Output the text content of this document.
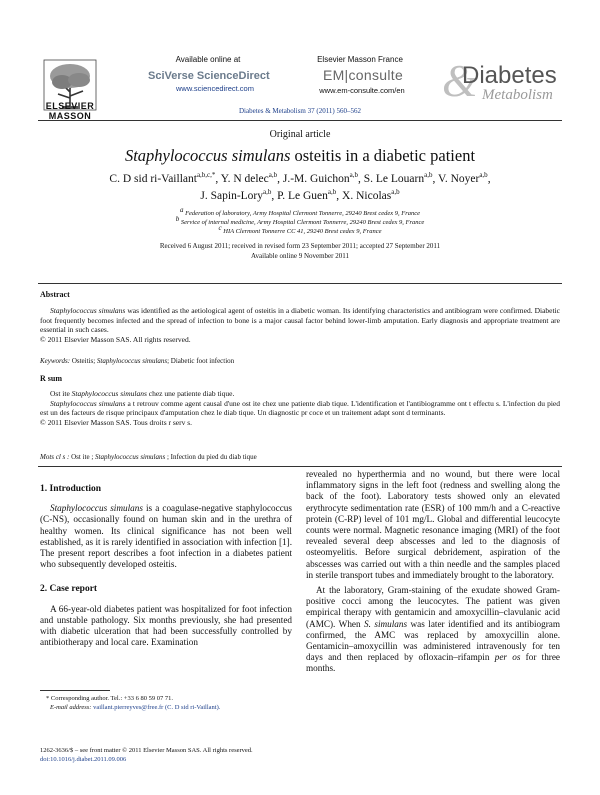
ELSEVIER MASSON
Available online at
SciVerse ScienceDirect
www.sciencedirect.com
Elsevier Masson France
EM|consulte
www.em-consulte.com/en &
Diabetes
Metabolism
Diabetes & Metabolism 37 (2011) 560–562
Original article
Staphylococcus simulans osteitis in a diabetic patient
C. D sid ri-Vaillant$^{a,b,c,*}$, Y. N delec$^{a,b}$, J.-M. Guichon$^{a,b}$, S. Le Louarn$^{a,b}$, V. Noyer$^{a,b}$,
J. Sapin-Lory$^{a,b}$, P. Le Guen$^{a,b}$, X. Nicolas$^{a,b}$
a Federation of laboratory, Army Hospital Clermont Tonnerre, 29240 Brest cedex 9, France
b Service of internal medicine, Army Hospital Clermont Tonnerre, 29240 Brest cedex 9, France
c HIA Clermont Tonnerre CC 41, 29240 Brest cedex 9, France
Received 6 August 2011; received in revised form 23 September 2011; accepted 27 September 2011
Available online 9 November 2011
Abstract
Staphylococcus simulans was identified as the aetiological agent of osteitis in a diabetic woman. Its identifying characteristics and antibiogram were confirmed. Diabetic foot frequently becomes infected and the spread of infection to bone is a major causal factor behind lower-limb amputation. Early diagnosis and appropriate treatment are essential in such cases.
© 2011 Elsevier Masson SAS. All rights reserved.
Keywords: Osteitis; Staphylococcus simulans; Diabetic foot infection
R sum
Ost ite Staphylococcus simulans chez une patiente diab tique.
Staphylococcus simulans a t retrouv comme agent causal d'une ost ite chez une patiente diab tique. L'identification et l'antibiogramme ont t effectu s. L'infection du pied est un des facteurs de risque principaux d'amputation chez le diab tique. Un diagnostic pr coce et un traitement adapt sont d terminants.
© 2011 Elsevier Masson SAS. Tous droits r serv s.
Mots cl s : Ost ite ; Staphylococcus simulans ; Infection du pied du diab tique
1. Introduction

Staphylococcus simulans is a coagulase-negative staphylococcus (C-NS), occasionally found on human skin and in the urethra of healthy women. Its clinical significance has not been well established, as it is rarely identified in association with infection [1]. The present report describes a foot infection in a diabetes patient who subsequently developed osteitis.

2. Case report

A 66-year-old diabetes patient was hospitalized for foot infection and unstable pathology. Six months previously, she had presented with diabetic ulceration that had been successfully controlled by antibiotherapy and local care. Examination

revealed no hyperthermia and no wound, but there were local inflammatory signs in the left foot (redness and swelling along the back of the foot). Laboratory tests showed only an elevated erythrocyte sedimentation rate (ESR) of 100 mm/h and a C-reactive protein (C-RP) level of 101 mg/L. Global and differential leucocyte counts were normal. Magnetic resonance imaging (MRI) of the foot revealed several deep abscesses and led to the diagnosis of osteomyelitis. Before surgical debridement, aspiration of the abscesses was carried out with a thin needle and the samples placed in sterile transport tubes and immediately brought to the laboratory.

At the laboratory, Gram-staining of the exudate showed Gram-positive cocci among the leucocytes. The patient was given empirical therapy with gentamicin and amoxycillin–clavulanic acid (AMC). When S. simulans was later identified and its antibiogram confirmed, the AMC was replaced by amoxycillin alone. Gentamicin–amoxycillin was administered intravenously for ten days and then replaced by ofloxacin–rifampin per os for three months.

* Corresponding author. Tel.: +33 6 80 59 07 71.
E-mail address: vaillant.pierreyves@free.fr (C. D sid ri-Vaillant).
1262-3636/$ – see front matter © 2011 Elsevier Masson SAS. All rights reserved.
doi:10.1016/j.diabet.2011.09.006
